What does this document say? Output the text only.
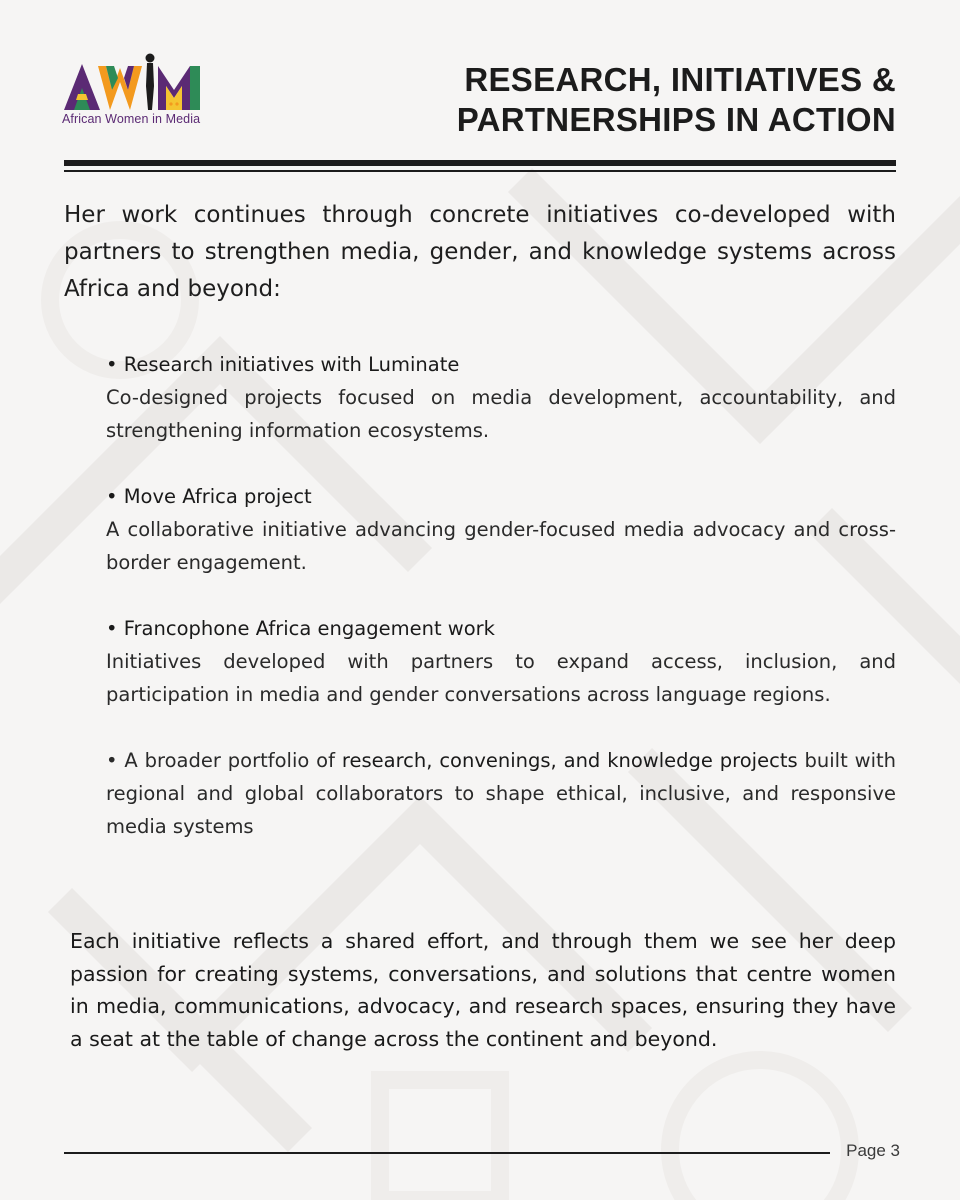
African Women in Media
RESEARCH, INITIATIVES &
PARTNERSHIPS IN ACTION
Her work continues through concrete initiatives co-developed with partners to strengthen media, gender, and knowledge systems across Africa and beyond:
• Research initiatives with Luminate
Co-designed projects focused on media development, accountability, and strengthening information ecosystems.
• Move Africa project
A collaborative initiative advancing gender-focused media advocacy and cross-border engagement.
• Francophone Africa engagement work
Initiatives developed with partners to expand access, inclusion, and participation in media and gender conversations across language regions.
• A broader portfolio of research, convenings, and knowledge projects built with regional and global collaborators to shape ethical, inclusive, and responsive media systems
Each initiative reflects a shared effort, and through them we see her deep passion for creating systems, conversations, and solutions that centre women in media, communications, advocacy, and research spaces, ensuring they have a seat at the table of change across the continent and beyond.
Page 3
